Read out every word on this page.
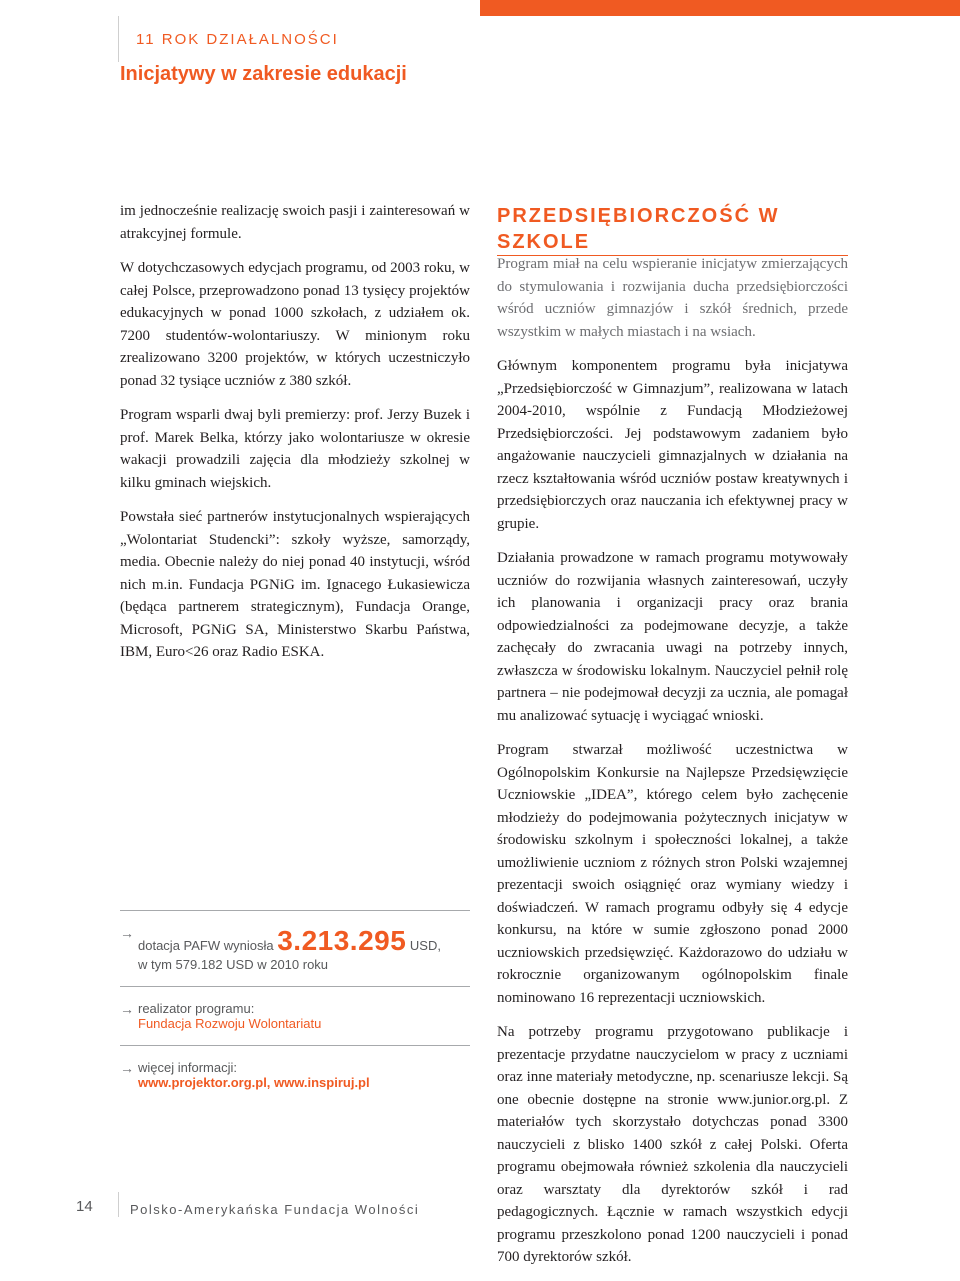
11 ROK DZIAŁALNOŚCI
Inicjatywy w zakresie edukacji

im jednocześnie realizację swoich pasji i zainteresowań w atrakcyjnej formule.

W dotychczasowych edycjach programu, od 2003 roku, w całej Polsce, przeprowadzono ponad 13 tysięcy projektów edukacyjnych w ponad 1000 szkołach, z udziałem ok. 7200 studentów-wolontariuszy. W minionym roku zrealizowano 3200 projektów, w których uczestniczyło ponad 32 tysiące uczniów z 380 szkół.

Program wsparli dwaj byli premierzy: prof. Jerzy Buzek i prof. Marek Belka, którzy jako wolontariusze w okresie wakacji prowadzili zajęcia dla młodzieży szkolnej w kilku gminach wiejskich.

Powstała sieć partnerów instytucjonalnych wspierających „Wolontariat Studencki”: szkoły wyższe, samorządy, media. Obecnie należy do niej ponad 40 instytucji, wśród nich m.in. Fundacja PGNiG im. Ignacego Łukasiewicza (będąca partnerem strategicznym), Fundacja Orange, Microsoft, PGNiG SA, Ministerstwo Skarbu Państwa, IBM, Euro<26 oraz Radio ESKA.

→
dotacja PAFW wyniosła 3.213.295 USD,
w tym 579.182 USD w 2010 roku
→ realizator programu:
Fundacja Rozwoju Wolontariatu
→ więcej informacji:
www.projektor.org.pl, www.inspiruj.pl
PRZEDSIĘBIORCZOŚĆ W SZKOLE

Program miał na celu wspieranie inicjatyw zmierzających do stymulowania i rozwijania ducha przedsiębiorczości wśród uczniów gimnazjów i szkół średnich, przede wszystkim w małych miastach i na wsiach.

Głównym komponentem programu była inicjatywa „Przedsiębiorczość w Gimnazjum”, realizowana w latach 2004-2010, wspólnie z Fundacją Młodzieżowej Przedsiębiorczości. Jej podstawowym zadaniem było angażowanie nauczycieli gimnazjalnych w działania na rzecz kształtowania wśród uczniów postaw kreatywnych i przedsiębiorczych oraz nauczania ich efektywnej pracy w grupie.

Działania prowadzone w ramach programu motywowały uczniów do rozwijania własnych zainteresowań, uczyły ich planowania i organizacji pracy oraz brania odpowiedzialności za podejmowane decyzje, a także zachęcały do zwracania uwagi na potrzeby innych, zwłaszcza w środowisku lokalnym. Nauczyciel pełnił rolę partnera – nie podejmował decyzji za ucznia, ale pomagał mu analizować sytuację i wyciągać wnioski.

Program stwarzał możliwość uczestnictwa w Ogólnopolskim Konkursie na Najlepsze Przedsięwzięcie Uczniowskie „IDEA”, którego celem było zachęcenie młodzieży do podejmowania pożytecznych inicjatyw w środowisku szkolnym i społeczności lokalnej, a także umożliwienie uczniom z różnych stron Polski wzajemnej prezentacji swoich osiągnięć oraz wymiany wiedzy i doświadczeń. W ramach programu odbyły się 4 edycje konkursu, na które w sumie zgłoszono ponad 2000 uczniowskich przedsięwzięć. Każdorazowo do udziału w rokrocznie organizowanym ogólnopolskim finale nominowano 16 reprezentacji uczniowskich.

Na potrzeby programu przygotowano publikacje i prezentacje przydatne nauczycielom w pracy z uczniami oraz inne materiały metodyczne, np. scenariusze lekcji. Są one obecnie dostępne na stronie www.junior.org.pl. Z materiałów tych skorzystało dotychczas ponad 3300 nauczycieli z blisko 1400 szkół z całej Polski. Oferta programu obejmowała również szkolenia dla nauczycieli oraz warsztaty dla dyrektorów szkół i rad pedagogicznych. Łącznie w ramach wszystkich edycji programu przeszkolono ponad 1200 nauczycieli i ponad 700 dyrektorów szkół.

14	Polsko-Amerykańska Fundacja Wolności
